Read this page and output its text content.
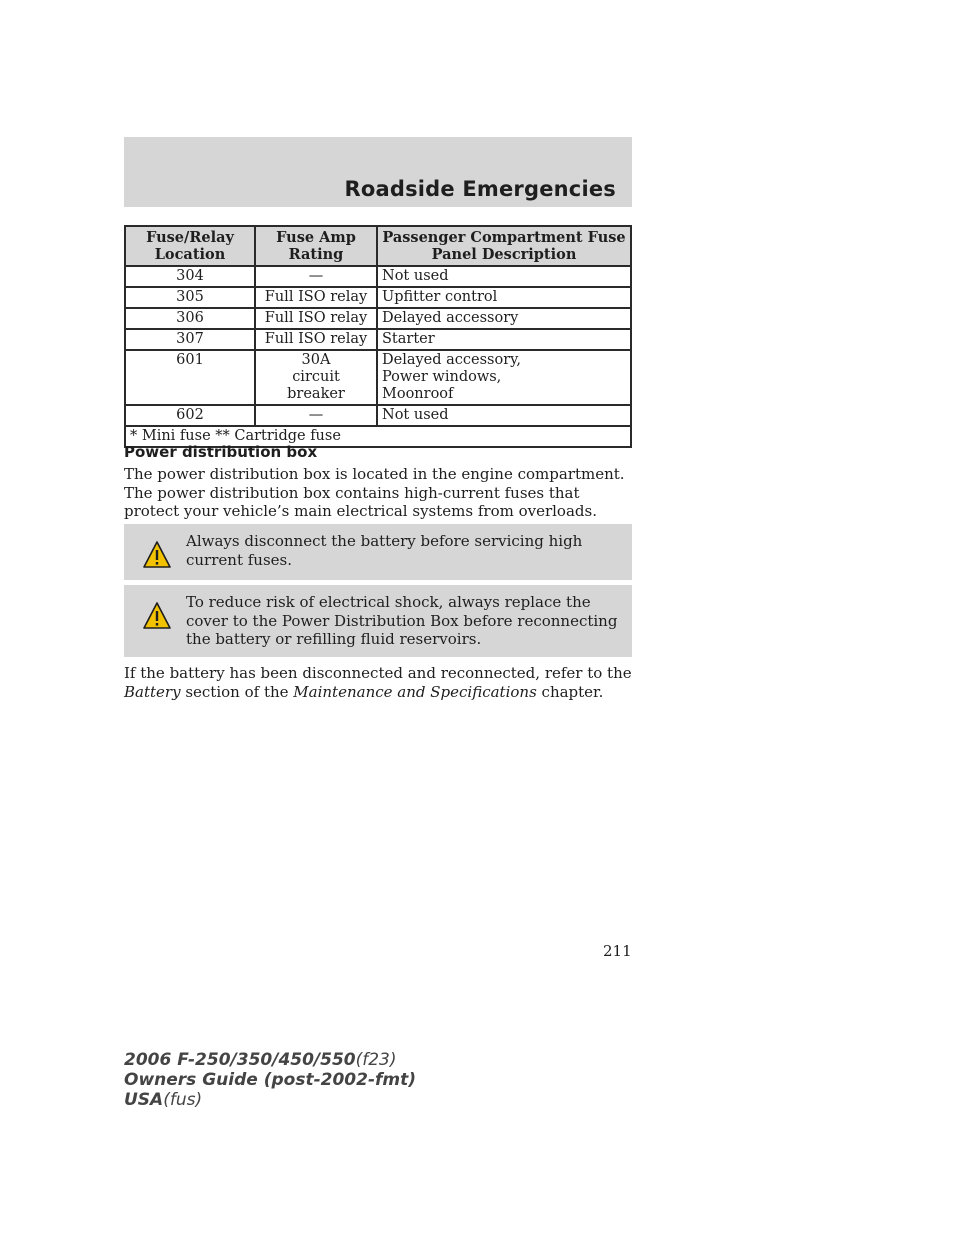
Roadside Emergencies
Fuse/Relay Location	Fuse Amp Rating	Passenger Compartment Fuse Panel Description
304	—	Not used
305	Full ISO relay	Upfitter control
306	Full ISO relay	Delayed accessory
307	Full ISO relay	Starter
601	30A circuit breaker	Delayed accessory, Power windows, Moonroof
602	—	Not used
* Mini fuse ** Cartridge fuse		
Power distribution box
The power distribution box is located in the engine compartment. The power distribution box contains high-current fuses that protect your vehicle’s main electrical systems from overloads.
Always disconnect the battery before servicing high current fuses.
To reduce risk of electrical shock, always replace the cover to the Power Distribution Box before reconnecting the battery or refilling fluid reservoirs.
If the battery has been disconnected and reconnected, refer to the Battery section of the Maintenance and Specifications chapter.
211
2006 F-250/350/450/550(f23)
Owners Guide (post-2002-fmt)
USA(fus)
